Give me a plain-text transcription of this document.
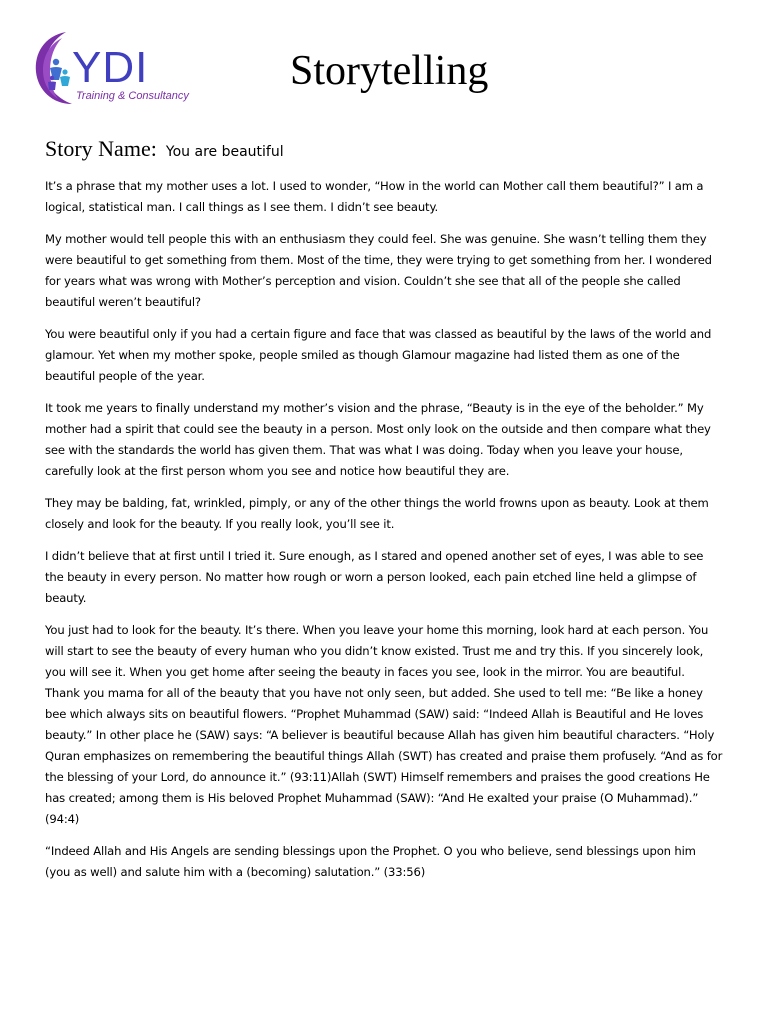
YDI
Training & Consultancy
Storytelling
Story Name: You are beautiful

It’s a phrase that my mother uses a lot. I used to wonder, “How in the world can Mother call them beautiful?” I am a logical, statistical man. I call things as I see them. I didn’t see beauty.

My mother would tell people this with an enthusiasm they could feel. She was genuine. She wasn’t telling them they were beautiful to get something from them. Most of the time, they were trying to get something from her. I wondered for years what was wrong with Mother’s perception and vision. Couldn’t she see that all of the people she called beautiful weren’t beautiful?

You were beautiful only if you had a certain figure and face that was classed as beautiful by the laws of the world and glamour. Yet when my mother spoke, people smiled as though Glamour magazine had listed them as one of the beautiful people of the year.

It took me years to finally understand my mother’s vision and the phrase, “Beauty is in the eye of the beholder.” My mother had a spirit that could see the beauty in a person. Most only look on the outside and then compare what they see with the standards the world has given them. That was what I was doing. Today when you leave your house, carefully look at the first person whom you see and notice how beautiful they are.

They may be balding, fat, wrinkled, pimply, or any of the other things the world frowns upon as beauty. Look at them closely and look for the beauty. If you really look, you’ll see it.

I didn’t believe that at first until I tried it. Sure enough, as I stared and opened another set of eyes, I was able to see the beauty in every person. No matter how rough or worn a person looked, each pain etched line held a glimpse of beauty.

You just had to look for the beauty. It’s there. When you leave your home this morning, look hard at each person. You will start to see the beauty of every human who you didn’t know existed. Trust me and try this. If you sincerely look, you will see it. When you get home after seeing the beauty in faces you see, look in the mirror. You are beautiful. Thank you mama for all of the beauty that you have not only seen, but added. She used to tell me: “Be like a honey bee which always sits on beautiful flowers. “Prophet Muhammad (SAW) said: “Indeed Allah is Beautiful and He loves beauty.” In other place he (SAW) says: “A believer is beautiful because Allah has given him beautiful characters. “Holy Quran emphasizes on remembering the beautiful things Allah (SWT) has created and praise them profusely. “And as for the blessing of your Lord, do announce it.” (93:11)Allah (SWT) Himself remembers and praises the good creations He has created; among them is His beloved Prophet Muhammad (SAW): “And He exalted your praise (O Muhammad).” (94:4)

“Indeed Allah and His Angels are sending blessings upon the Prophet. O you who believe, send blessings upon him (you as well) and salute him with a (becoming) salutation.” (33:56)
